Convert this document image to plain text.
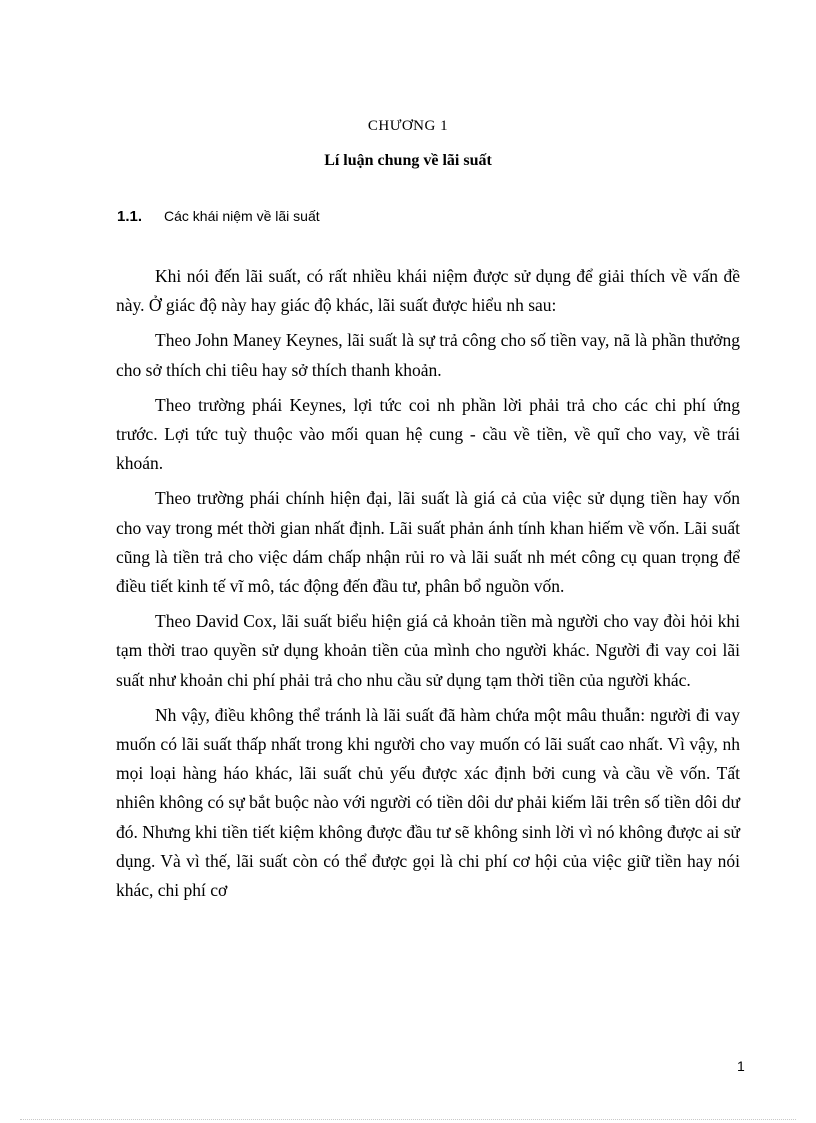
CHƯƠNG 1
Lí luận chung về lãi suất
1.1. Các khái niệm về lãi suất

Khi nói đến lãi suất, có rất nhiều khái niệm được sử dụng để giải thích về vấn đề này. Ở giác độ này hay giác độ khác, lãi suất được hiểu nh sau:

Theo John Maney Keynes, lãi suất là sự trả công cho số tiền vay, nã là phần thưởng cho sở thích chi tiêu hay sở thích thanh khoản.

Theo trường phái Keynes, lợi tức coi nh phần lời phải trả cho các chi phí ứng trước. Lợi tức tuỳ thuộc vào mối quan hệ cung - cầu về tiền, về quĩ cho vay, về trái khoán.

Theo trường phái chính hiện đại, lãi suất là giá cả của việc sử dụng tiền hay vốn cho vay trong mét thời gian nhất định. Lãi suất phản ánh tính khan hiếm về vốn. Lãi suất cũng là tiền trả cho việc dám chấp nhận rủi ro và lãi suất nh mét công cụ quan trọng để điều tiết kinh tế vĩ mô, tác động đến đầu tư, phân bổ nguồn vốn.

Theo David Cox, lãi suất biểu hiện giá cả khoản tiền mà người cho vay đòi hỏi khi tạm thời trao quyền sử dụng khoản tiền của mình cho người khác. Người đi vay coi lãi suất như khoản chi phí phải trả cho nhu cầu sử dụng tạm thời tiền của người khác.

Nh vậy, điều không thể tránh là lãi suất đã hàm chứa một mâu thuẫn: người đi vay muốn có lãi suất thấp nhất trong khi người cho vay muốn có lãi suất cao nhất. Vì vậy, nh mọi loại hàng háo khác, lãi suất chủ yếu được xác định bởi cung và cầu về vốn. Tất nhiên không có sự bắt buộc nào với người có tiền dôi dư phải kiếm lãi trên số tiền dôi dư đó. Nhưng khi tiền tiết kiệm không được đầu tư sẽ không sinh lời vì nó không được ai sử dụng. Và vì thế, lãi suất còn có thể được gọi là chi phí cơ hội của việc giữ tiền hay nói khác, chi phí cơ

1
